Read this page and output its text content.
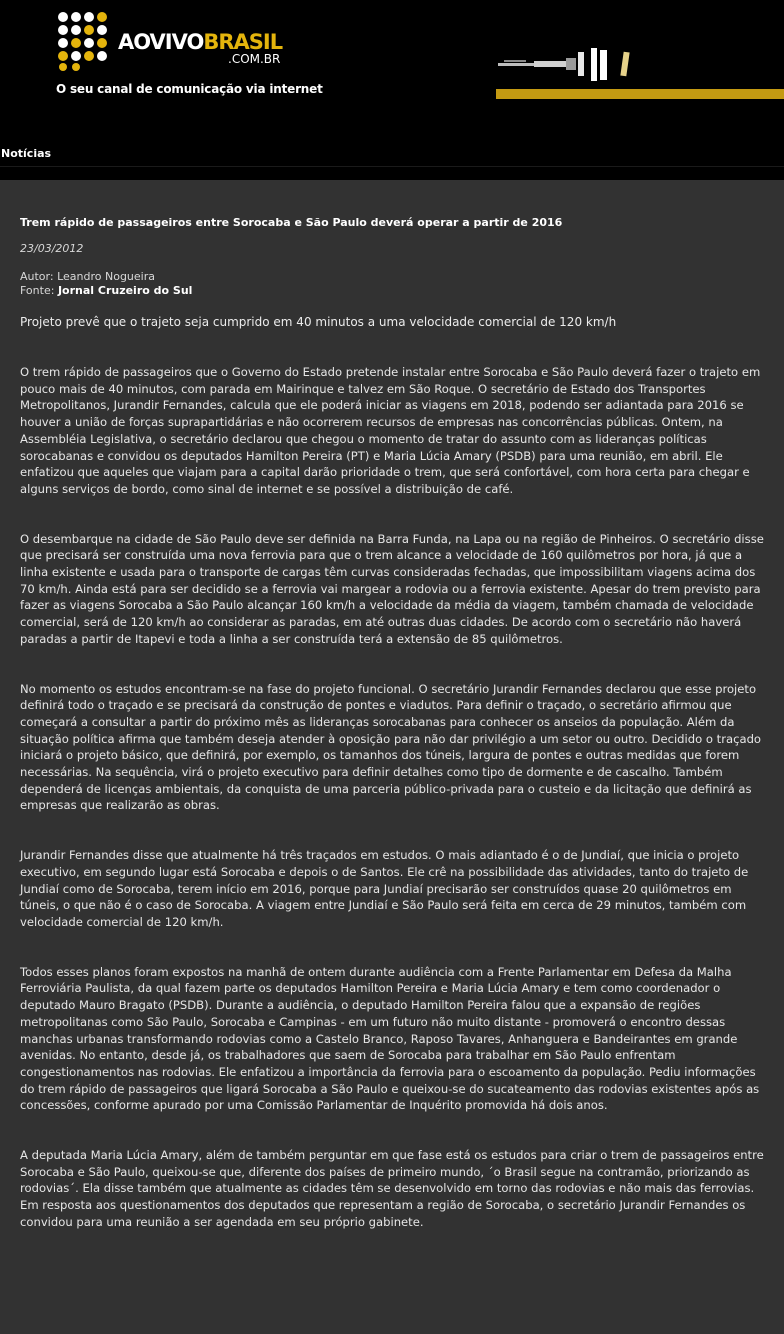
AOVIVOBRASIL
.COM.BR
O seu canal de comunicação via internet
Notícias
Trem rápido de passageiros entre Sorocaba e São Paulo deverá operar a partir de 2016
23/03/2012
Autor: Leandro Nogueira
Fonte: Jornal Cruzeiro do Sul

Projeto prevê que o trajeto seja cumprido em 40 minutos a uma velocidade comercial de 120 km/h

O trem rápido de passageiros que o Governo do Estado pretende instalar entre Sorocaba e São Paulo deverá fazer o trajeto em pouco mais de 40 minutos, com parada em Mairinque e talvez em São Roque. O secretário de Estado dos Transportes Metropolitanos, Jurandir Fernandes, calcula que ele poderá iniciar as viagens em 2018, podendo ser adiantada para 2016 se houver a união de forças suprapartidárias e não ocorrerem recursos de empresas nas concorrências públicas. Ontem, na Assembléia Legislativa, o secretário declarou que chegou o momento de tratar do assunto com as lideranças políticas sorocabanas e convidou os deputados Hamilton Pereira (PT) e Maria Lúcia Amary (PSDB) para uma reunião, em abril. Ele enfatizou que aqueles que viajam para a capital darão prioridade o trem, que será confortável, com hora certa para chegar e alguns serviços de bordo, como sinal de internet e se possível a distribuição de café.

O desembarque na cidade de São Paulo deve ser definida na Barra Funda, na Lapa ou na região de Pinheiros. O secretário disse que precisará ser construída uma nova ferrovia para que o trem alcance a velocidade de 160 quilômetros por hora, já que a linha existente e usada para o transporte de cargas têm curvas consideradas fechadas, que impossibilitam viagens acima dos 70 km/h. Ainda está para ser decidido se a ferrovia vai margear a rodovia ou a ferrovia existente. Apesar do trem previsto para fazer as viagens Sorocaba a São Paulo alcançar 160 km/h a velocidade da média da viagem, também chamada de velocidade comercial, será de 120 km/h ao considerar as paradas, em até outras duas cidades. De acordo com o secretário não haverá paradas a partir de Itapevi e toda a linha a ser construída terá a extensão de 85 quilômetros.

No momento os estudos encontram-se na fase do projeto funcional. O secretário Jurandir Fernandes declarou que esse projeto definirá todo o traçado e se precisará da construção de pontes e viadutos. Para definir o traçado, o secretário afirmou que começará a consultar a partir do próximo mês as lideranças sorocabanas para conhecer os anseios da população. Além da situação política afirma que também deseja atender à oposição para não dar privilégio a um setor ou outro. Decidido o traçado iniciará o projeto básico, que definirá, por exemplo, os tamanhos dos túneis, largura de pontes e outras medidas que forem necessárias. Na sequência, virá o projeto executivo para definir detalhes como tipo de dormente e de cascalho. Também dependerá de licenças ambientais, da conquista de uma parceria público-privada para o custeio e da licitação que definirá as empresas que realizarão as obras.

Jurandir Fernandes disse que atualmente há três traçados em estudos. O mais adiantado é o de Jundiaí, que inicia o projeto executivo, em segundo lugar está Sorocaba e depois o de Santos. Ele crê na possibilidade das atividades, tanto do trajeto de Jundiaí como de Sorocaba, terem início em 2016, porque para Jundiaí precisarão ser construídos quase 20 quilômetros em túneis, o que não é o caso de Sorocaba. A viagem entre Jundiaí e São Paulo será feita em cerca de 29 minutos, também com velocidade comercial de 120 km/h.

Todos esses planos foram expostos na manhã de ontem durante audiência com a Frente Parlamentar em Defesa da Malha Ferroviária Paulista, da qual fazem parte os deputados Hamilton Pereira e Maria Lúcia Amary e tem como coordenador o deputado Mauro Bragato (PSDB). Durante a audiência, o deputado Hamilton Pereira falou que a expansão de regiões metropolitanas como São Paulo, Sorocaba e Campinas - em um futuro não muito distante - promoverá o encontro dessas manchas urbanas transformando rodovias como a Castelo Branco, Raposo Tavares, Anhanguera e Bandeirantes em grande avenidas. No entanto, desde já, os trabalhadores que saem de Sorocaba para trabalhar em São Paulo enfrentam congestionamentos nas rodovias. Ele enfatizou a importância da ferrovia para o escoamento da população. Pediu informações do trem rápido de passageiros que ligará Sorocaba a São Paulo e queixou-se do sucateamento das rodovias existentes após as concessões, conforme apurado por uma Comissão Parlamentar de Inquérito promovida há dois anos.

A deputada Maria Lúcia Amary, além de também perguntar em que fase está os estudos para criar o trem de passageiros entre Sorocaba e São Paulo, queixou-se que, diferente dos países de primeiro mundo, ´o Brasil segue na contramão, priorizando as rodovias´. Ela disse também que atualmente as cidades têm se desenvolvido em torno das rodovias e não mais das ferrovias. Em resposta aos questionamentos dos deputados que representam a região de Sorocaba, o secretário Jurandir Fernandes os convidou para uma reunião a ser agendada em seu próprio gabinete.
